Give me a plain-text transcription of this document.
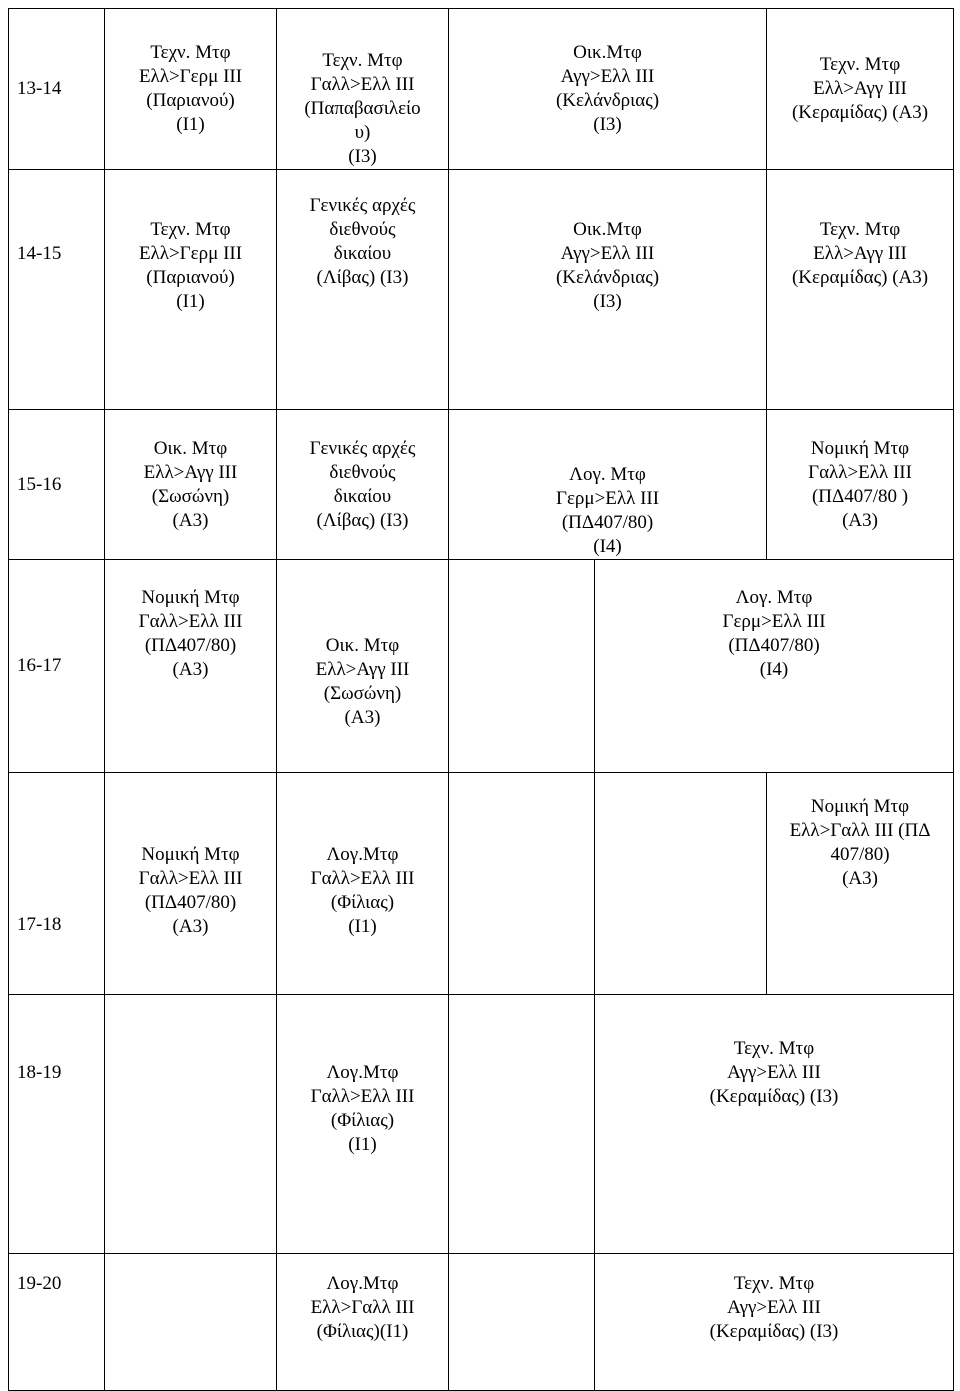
13-14	Τεχν. Μτφ
Ελλ>Γερμ ΙΙΙ
(Παριανού)
(Ι1)	Τεχν. Μτφ
Γαλλ>Ελλ ΙΙΙ
(Παπαβασιλείο
υ)
(Ι3)	Οικ.Μτφ
Αγγ>Ελλ ΙΙΙ
(Κελάνδριας)
(Ι3)		Τεχν. Μτφ
Ελλ>Αγγ ΙΙΙ
(Κεραμίδας) (Α3)	
14-15	Τεχν. Μτφ
Ελλ>Γερμ ΙΙΙ
(Παριανού)
(Ι1)	Γενικές αρχές
διεθνούς
δικαίου
(Λίβας) (Ι3)	Οικ.Μτφ
Αγγ>Ελλ ΙΙΙ
(Κελάνδριας)
(Ι3)		Τεχν. Μτφ
Ελλ>Αγγ ΙΙΙ
(Κεραμίδας) (Α3)	
15-16	Οικ. Μτφ
Ελλ>Αγγ ΙΙΙ
(Σωσώνη)
(Α3)	Γενικές αρχές
διεθνούς
δικαίου
(Λίβας) (Ι3)	Λογ. Μτφ
Γερμ>Ελλ ΙΙΙ
(ΠΔ407/80)
(Ι4)		Νομική Μτφ
Γαλλ>Ελλ ΙΙΙ
(ΠΔ407/80 )
(Α3)	
16-17	Νομική Μτφ
Γαλλ>Ελλ ΙΙΙ
(ΠΔ407/80)
(Α3)	Οικ. Μτφ
Ελλ>Αγγ ΙΙΙ
(Σωσώνη)
(Α3)		Λογ. Μτφ
Γερμ>Ελλ ΙΙΙ
(ΠΔ407/80)
(Ι4)	
17-18	Νομική Μτφ
Γαλλ>Ελλ ΙΙΙ
(ΠΔ407/80)
(Α3)	Λογ.Μτφ
Γαλλ>Ελλ ΙΙΙ
(Φίλιας)
(Ι1)			Νομική Μτφ
Ελλ>Γαλλ ΙΙΙ (ΠΔ
407/80)
(Α3)	
18-19		Λογ.Μτφ
Γαλλ>Ελλ ΙΙΙ
(Φίλιας)
(Ι1)		Τεχν. Μτφ
Αγγ>Ελλ ΙΙΙ
(Κεραμίδας) (Ι3)	
19-20		Λογ.Μτφ
Ελλ>Γαλλ ΙΙΙ
(Φίλιας)(Ι1)		Τεχν. Μτφ
Αγγ>Ελλ ΙΙΙ
(Κεραμίδας) (Ι3)		
